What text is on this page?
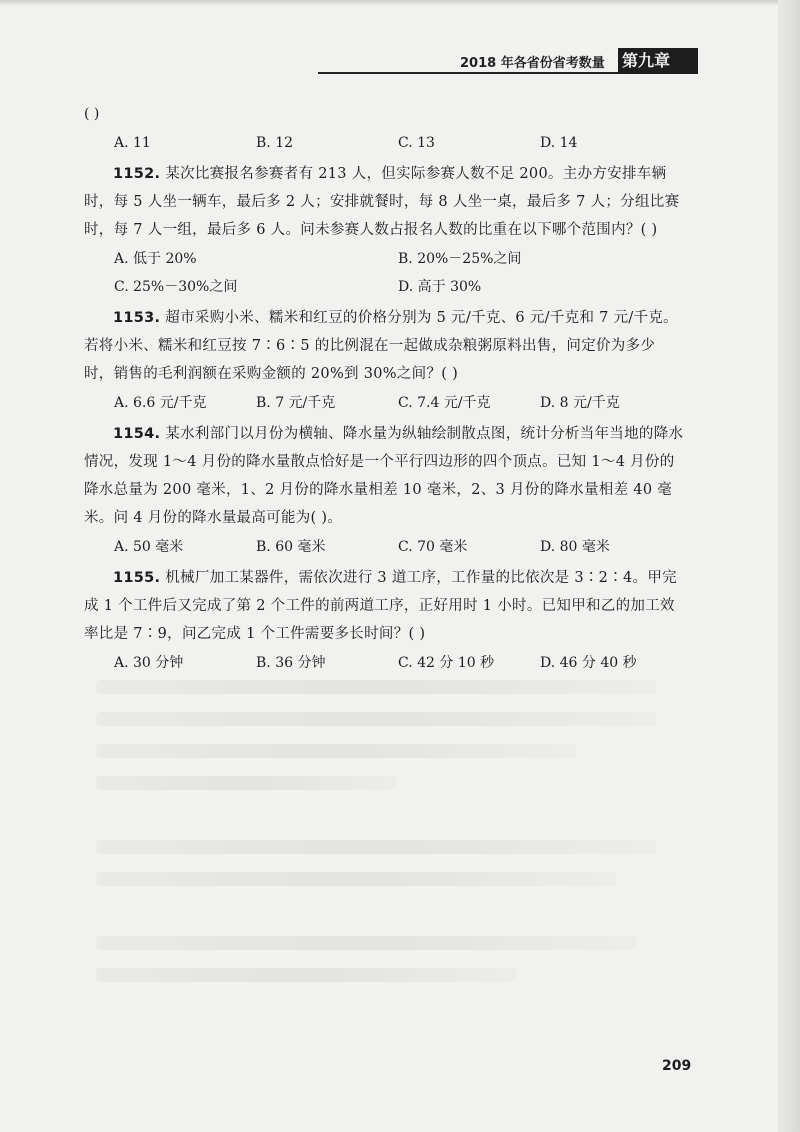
2018 年各省份省考数量 第九章
( )
A. 11	B. 12	C. 13	D. 14

1152. 某次比赛报名参赛者有 213 人，但实际参赛人数不足 200。主办方安排车辆时，每 5 人坐一辆车，最后多 2 人；安排就餐时，每 8 人坐一桌，最后多 7 人；分组比赛时，每 7 人一组，最后多 6 人。问未参赛人数占报名人数的比重在以下哪个范围内？( )

A. 低于 20%	B. 20%－25%之间
C. 25%－30%之间	D. 高于 30%

1153. 超市采购小米、糯米和红豆的价格分别为 5 元/千克、6 元/千克和 7 元/千克。若将小米、糯米和红豆按 7∶6∶5 的比例混在一起做成杂粮粥原料出售，问定价为多少时，销售的毛利润额在采购金额的 20%到 30%之间？( )

A. 6.6 元/千克	B. 7 元/千克	C. 7.4 元/千克	D. 8 元/千克

1154. 某水利部门以月份为横轴、降水量为纵轴绘制散点图，统计分析当年当地的降水情况，发现 1～4 月份的降水量散点恰好是一个平行四边形的四个顶点。已知 1～4 月份的降水总量为 200 毫米，1、2 月份的降水量相差 10 毫米，2、3 月份的降水量相差 40 毫米。问 4 月份的降水量最高可能为( )。

A. 50 毫米	B. 60 毫米	C. 70 毫米	D. 80 毫米

1155. 机械厂加工某器件，需依次进行 3 道工序，工作量的比依次是 3∶2∶4。甲完成 1 个工件后又完成了第 2 个工件的前两道工序，正好用时 1 小时。已知甲和乙的加工效率比是 7∶9，问乙完成 1 个工件需要多长时间？( )

A. 30 分钟	B. 36 分钟	C. 42 分 10 秒	D. 46 分 40 秒
209
